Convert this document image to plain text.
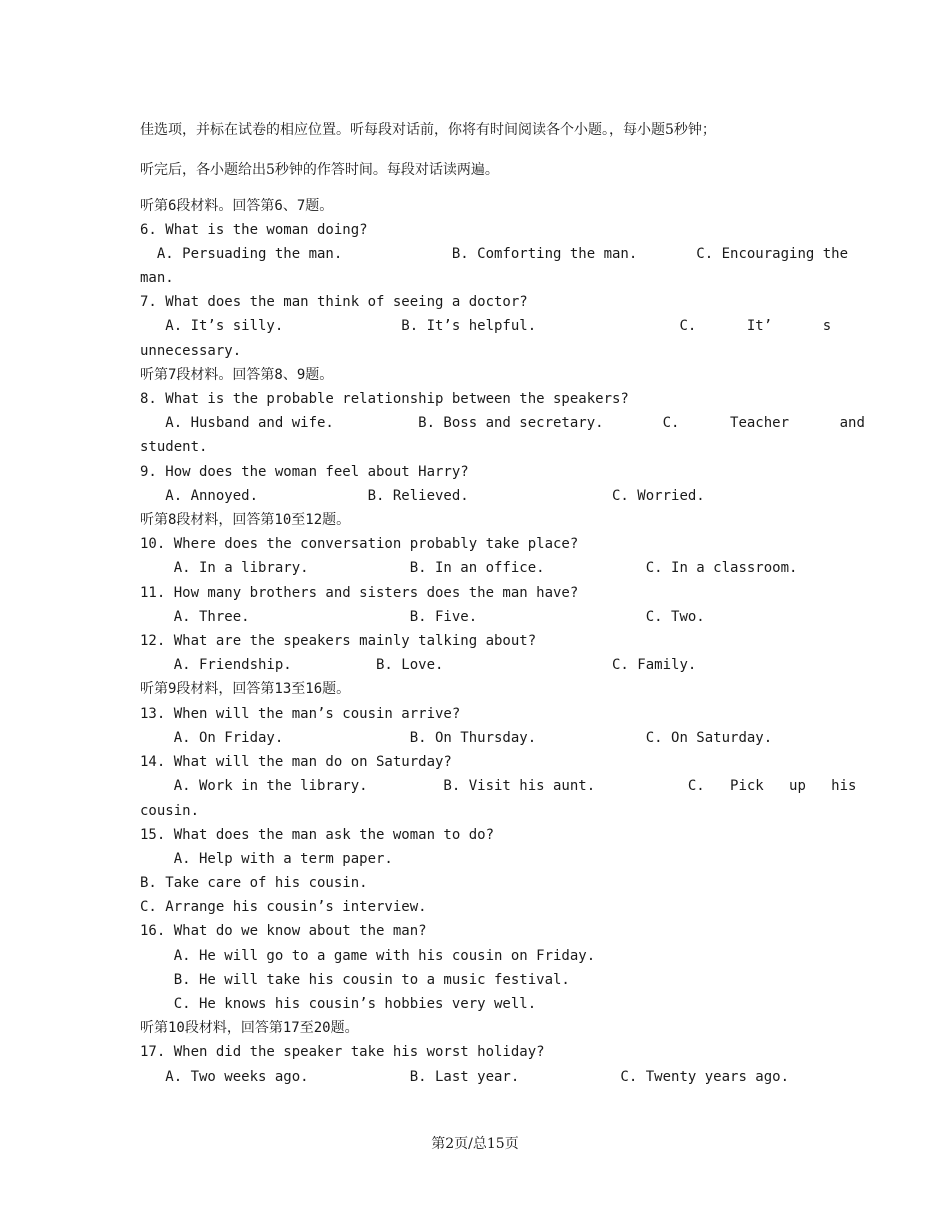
佳选项，并标在试卷的相应位置。听每段对话前，你将有时间阅读各个小题。，每小题5秒钟；
听完后，各小题给出5秒钟的作答时间。每段对话读两遍。
听第6段材料。回答第6、7题。
6. What is the woman doing?
A. Persuading the man.             B. Comforting the man.       C. Encouraging the
man.
7. What does the man think of seeing a doctor?
A. It’s silly.              B. It’s helpful.                 C.      It’      s
unnecessary.
听第7段材料。回答第8、9题。
8. What is the probable relationship between the speakers?
A. Husband and wife.          B. Boss and secretary.       C.      Teacher      and
student.
9. How does the woman feel about Harry?
A. Annoyed.             B. Relieved.                 C. Worried.
听第8段材料，回答第10至12题。
10. Where does the conversation probably take place?
A. In a library.            B. In an office.            C. In a classroom.
11. How many brothers and sisters does the man have?
A. Three.                   B. Five.                    C. Two.
12. What are the speakers mainly talking about?
A. Friendship.          B. Love.                    C. Family.
听第9段材料，回答第13至16题。
13. When will the man’s cousin arrive?
A. On Friday.               B. On Thursday.             C. On Saturday.
14. What will the man do on Saturday?
A. Work in the library.         B. Visit his aunt.           C.   Pick   up   his
cousin.
15. What does the man ask the woman to do?
A. Help with a term paper.
B. Take care of his cousin.
C. Arrange his cousin’s interview.
16. What do we know about the man?
A. He will go to a game with his cousin on Friday.
B. He will take his cousin to a music festival.
C. He knows his cousin’s hobbies very well.
听第10段材料，回答第17至20题。
17. When did the speaker take his worst holiday?
A. Two weeks ago.            B. Last year.            C. Twenty years ago.
第2页/总15页
